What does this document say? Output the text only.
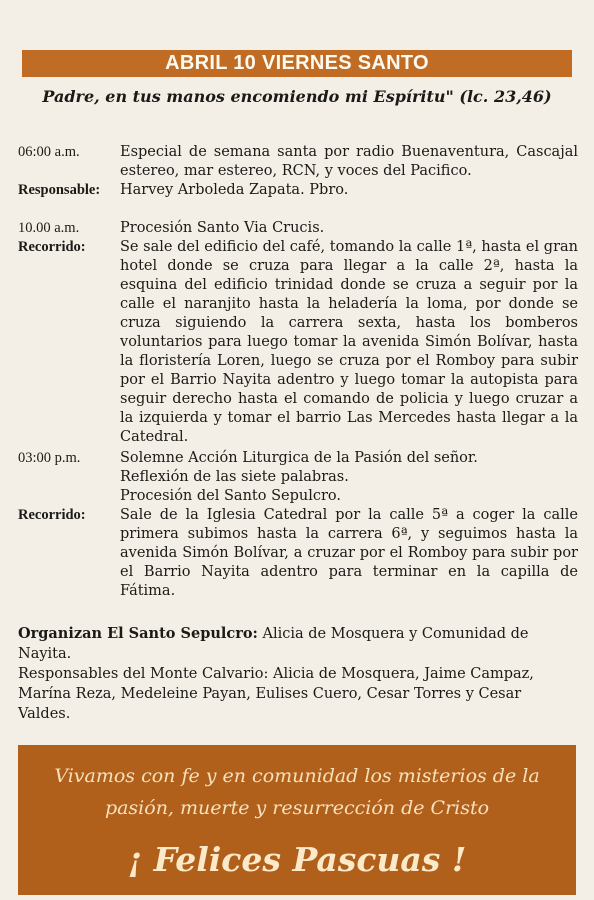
ABRIL 10 VIERNES SANTO
Padre, en tus manos encomiendo mi Espíritu" (lc. 23,46)
06:00 a.m.	Especial de semana santa por radio Buenaventura, Cascajal estereo, mar estereo, RCN, y voces del Pacifico.
Responsable:	Harvey Arboleda Zapata. Pbro.
10.00 a.m.	Procesión Santo Via Crucis.
Recorrido:	Se sale del edificio del café, tomando la calle 1ª, hasta el gran hotel donde se cruza para llegar a la calle 2ª, hasta la esquina del edificio trinidad donde se cruza a seguir por la calle el naranjito hasta la heladería la loma, por donde se cruza siguiendo la carrera sexta, hasta los bomberos voluntarios para luego tomar la avenida Simón Bolívar, hasta la floristería Loren, luego se cruza por el Romboy para subir por el Barrio Nayita adentro y luego tomar la autopista para seguir derecho hasta el comando de policia y luego cruzar a la izquierda y tomar el barrio Las Mercedes hasta llegar a la Catedral.
03:00 p.m.	Solemne Acción Liturgica de la Pasión del señor.

Reflexión de las siete palabras.

Procesión del Santo Sepulcro.

Recorrido:	Sale de la Iglesia Catedral por la calle 5ª a coger la calle primera subimos hasta la carrera 6ª, y seguimos hasta la avenida Simón Bolívar, a cruzar por el Romboy para subir por el Barrio Nayita adentro para terminar en la capilla de Fátima.

Organizan El Santo Sepulcro: Alicia de Mosquera y Comunidad de Nayita.

Responsables del Monte Calvario: Alicia de Mosquera, Jaime Campaz,

Marína Reza, Medeleine Payan, Eulises Cuero, Cesar Torres y Cesar Valdes.

Vivamos con fe y en comunidad los misterios de la
pasión, muerte y resurrección de Cristo
¡ Felices Pascuas !
